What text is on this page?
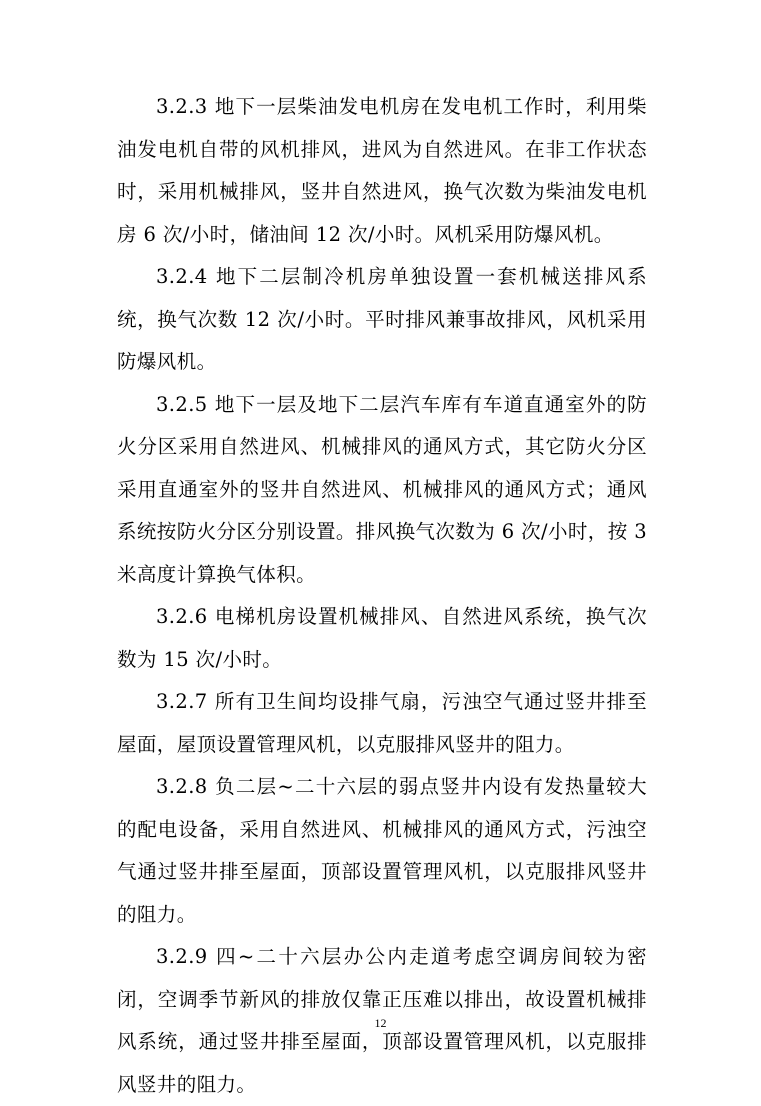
3.2.3 地下一层柴油发电机房在发电机工作时，利用柴油发电机自带的风机排风，进风为自然进风。在非工作状态时，采用机械排风，竖井自然进风，换气次数为柴油发电机房 6 次/小时，储油间 12 次/小时。风机采用防爆风机。

3.2.4 地下二层制冷机房单独设置一套机械送排风系统，换气次数 12 次/小时。平时排风兼事故排风，风机采用防爆风机。

3.2.5 地下一层及地下二层汽车库有车道直通室外的防火分区采用自然进风、机械排风的通风方式，其它防火分区采用直通室外的竖井自然进风、机械排风的通风方式；通风系统按防火分区分别设置。排风换气次数为 6 次/小时，按 3 米高度计算换气体积。

3.2.6 电梯机房设置机械排风、自然进风系统，换气次数为 15 次/小时。

3.2.7 所有卫生间均设排气扇，污浊空气通过竖井排至屋面，屋顶设置管理风机，以克服排风竖井的阻力。

3.2.8 负二层~二十六层的弱点竖井内设有发热量较大的配电设备，采用自然进风、机械排风的通风方式，污浊空气通过竖井排至屋面，顶部设置管理风机，以克服排风竖井的阻力。

3.2.9 四~二十六层办公内走道考虑空调房间较为密闭，空调季节新风的排放仅靠正压难以排出，故设置机械排风系统，通过竖井排至屋面，顶部设置管理风机，以克服排风竖井的阻力。

12
